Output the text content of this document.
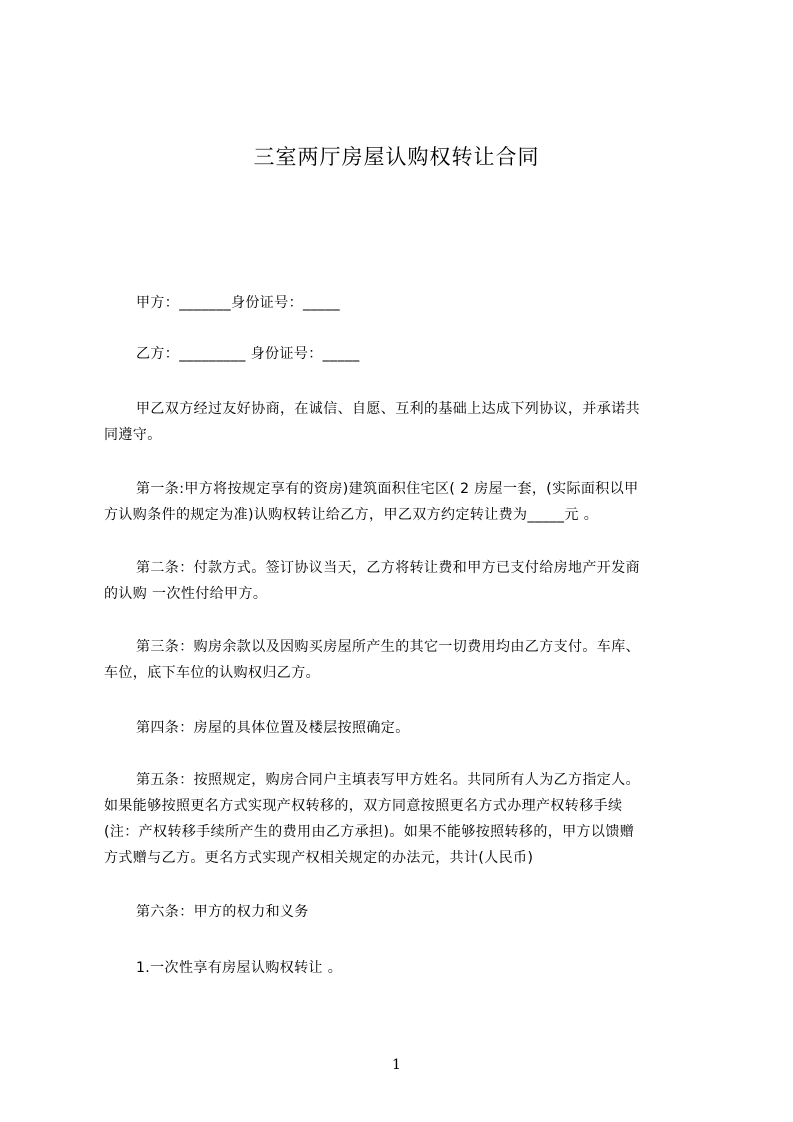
三室两厅房屋认购权转让合同
甲方：_______身份证号：_____
乙方：_________ 身份证号：_____
甲乙双方经过友好协商，在诚信、自愿、互利的基础上达成下列协议，并承诺共
同遵守。
第一条:甲方将按规定享有的资房)建筑面积住宅区( 2 房屋一套，(实际面积以甲
方认购条件的规定为准)认购权转让给乙方，甲乙双方约定转让费为_____元 。
第二条：付款方式。签订协议当天，乙方将转让费和甲方已支付给房地产开发商
的认购 一次性付给甲方。
第三条：购房余款以及因购买房屋所产生的其它一切费用均由乙方支付。车库、
车位，底下车位的认购权归乙方。
第四条：房屋的具体位置及楼层按照确定。
第五条：按照规定，购房合同户主填表写甲方姓名。共同所有人为乙方指定人。
如果能够按照更名方式实现产权转移的，双方同意按照更名方式办理产权转移手续
(注：产权转移手续所产生的费用由乙方承担)。如果不能够按照转移的，甲方以馈赠
方式赠与乙方。更名方式实现产权相关规定的办法元，共计(人民币)
第六条：甲方的权力和义务
1.一次性享有房屋认购权转让 。
1
